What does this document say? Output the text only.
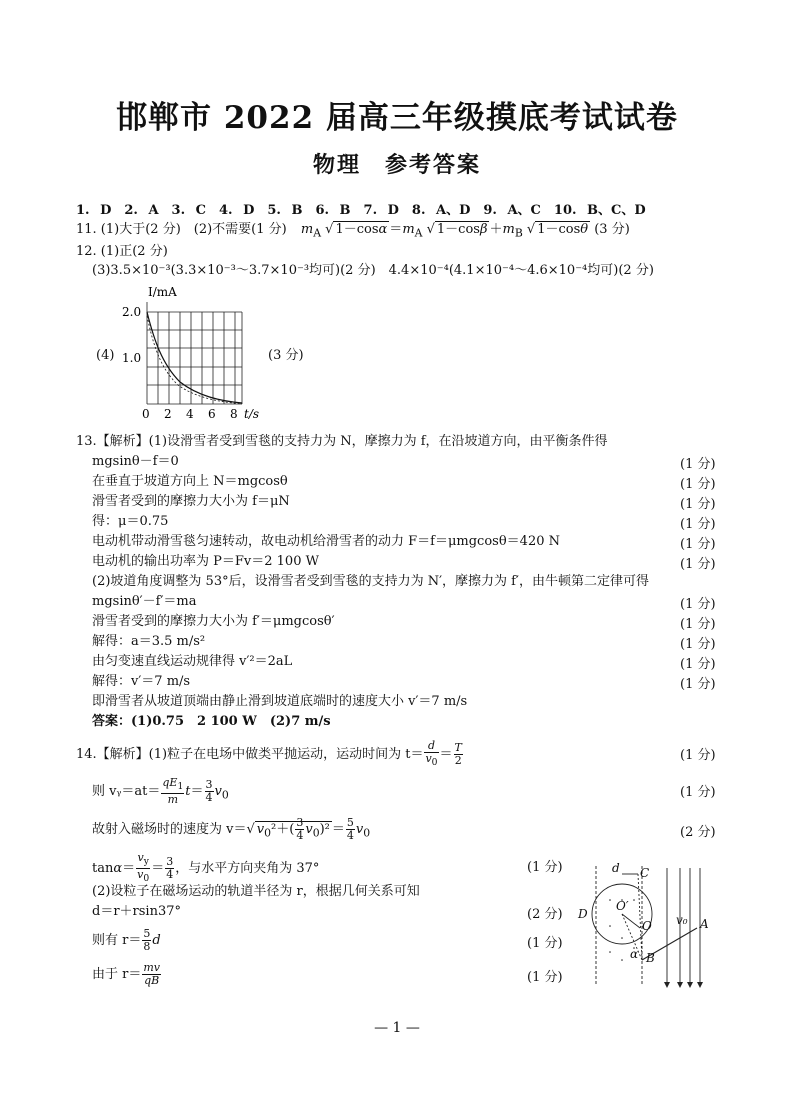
邯郸市 2022 届高三年级摸底考试试卷
物理　参考答案
1. D　2. A　3. C　4. D　5. B　6. B　7. D　8. A、D　9. A、C　10. B、C、D
11. (1)大于(2 分)　(2)不需要(1 分) $m_A$ √ $1-\cos\alpha =m_A$ √ $1-\cos\beta +m_B$ √ 1－cosθ (3 分)
12. (1)正(2 分)
(3)3.5×10⁻³(3.3×10⁻³～3.7×10⁻³均可)(2 分)　4.4×10⁻⁴(4.1×10⁻⁴～4.6×10⁻⁴均可)(2 分)
(4)	(3 分)
I/mA
2.0
1.0
0 2 4 6 8 t/s
13.【解析】(1)设滑雪者受到雪毯的支持力为 N，摩擦力为 f，在沿坡道方向，由平衡条件得
mgsinθ－f＝0	(1 分)
在垂直于坡道方向上 N＝mgcosθ	(1 分)
滑雪者受到的摩擦力大小为 f＝μN	(1 分)
得：μ＝0.75	(1 分)
电动机带动滑雪毯匀速转动，故电动机给滑雪者的动力 F＝f＝μmgcosθ＝420 N	(1 分)
电动机的输出功率为 P＝Fv＝2 100 W	(1 分)
(2)坡道角度调整为 53°后，设滑雪者受到雪毯的支持力为 N′，摩擦力为 f′，由牛顿第二定律可得
mgsinθ′－f′＝ma	(1 分)
滑雪者受到的摩擦力大小为 f′＝μmgcosθ′	(1 分)
解得：a＝3.5 m/s²	(1 分)
由匀变速直线运动规律得 v′²＝2aL	(1 分)
解得：v′＝7 m/s	(1 分)
即滑雪者从坡道顶端由静止滑到坡道底端时的速度大小 v′＝7 m/s
答案：(1)0.75　2 100 W　(2)7 m/s
14.【解析】(1)粒子在电场中做类平抛运动，运动时间为 $t= \frac{d}{v_0} = \frac{T}{2}$	(1 分)
则 vᵧ＝at＝ $\frac{qE_1}{m} t= \frac{3}{4} v_0$	(1 分)
故射入磁场时的速度为 v＝√ $v_0^2+( \frac{3}{4} v_0)^2 = \frac{5}{4} v_0$	(2 分)
$\tan\alpha= \frac{v_y}{v_0} = \frac{3}{4}$ ，与水平方向夹角为 37°	(1 分)
(2)设粒子在磁场运动的轨道半径为 r，根据几何关系可知
d＝r＋rsin37°	(2 分)
则有 $r= \frac{5}{8}$ d	(1 分)
由于 $r= \frac{mv}{qB}$	(1 分)
d C
D
O′
O v₀ A
α B
— 1 —
